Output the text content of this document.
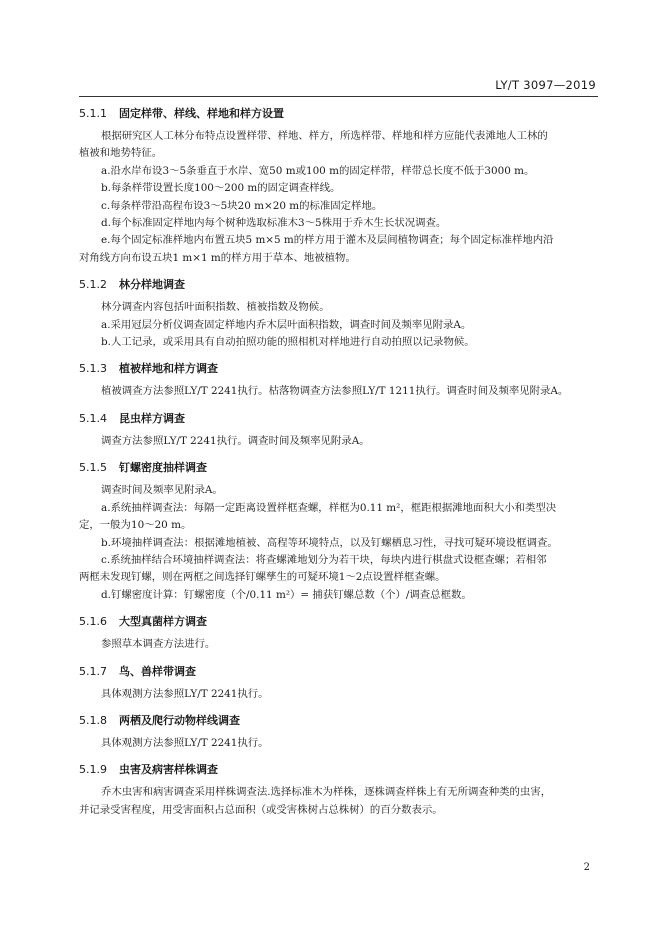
LY/T 3097—2019
5.1.1 固定样带、样线、样地和样方设置

根据研究区人工林分布特点设置样带、样地、样方，所选样带、样地和样方应能代表滩地人工林的

植被和地势特征。

a.沿水岸布设3～5条垂直于水岸、宽50 m或100 m的固定样带，样带总长度不低于3000 m。

b.每条样带设置长度100～200 m的固定调查样线。

c.每条样带沿高程布设3～5块20 m×20 m的标准固定样地。

d.每个标准固定样地内每个树种选取标准木3～5株用于乔木生长状况调查。

e.每个固定标准样地内布置五块5 m×5 m的样方用于灌木及层间植物调查；每个固定标准样地内沿

对角线方向布设五块1 m×1 m的样方用于草本、地被植物。

5.1.2 林分样地调查

林分调查内容包括叶面积指数、植被指数及物候。

a.采用冠层分析仪调查固定样地内乔木层叶面积指数，调查时间及频率见附录A。

b.人工记录，或采用具有自动拍照功能的照相机对样地进行自动拍照以记录物候。

5.1.3 植被样地和样方调查

植被调查方法参照LY/T 2241执行。枯落物调查方法参照LY/T 1211执行。调查时间及频率见附录A。

5.1.4 昆虫样方调查

调查方法参照LY/T 2241执行。调查时间及频率见附录A。

5.1.5 钉螺密度抽样调查

调查时间及频率见附录A。

a.系统抽样调查法：每隔一定距离设置样框查螺，样框为0.11 m²，框距根据滩地面积大小和类型决

定，一般为10～20 m。

b.环境抽样调查法：根据滩地植被、高程等环境特点，以及钉螺栖息习性，寻找可疑环境设框调查。

c.系统抽样结合环境抽样调查法：将查螺滩地划分为若干块，每块内进行棋盘式设框查螺；若相邻

两框未发现钉螺，则在两框之间选择钉螺孳生的可疑环境1～2点设置样框查螺。

d.钉螺密度计算：钉螺密度（个/0.11 m²）= 捕获钉螺总数（个）/调查总框数。

5.1.6 大型真菌样方调查

参照草本调查方法进行。

5.1.7 鸟、兽样带调查

具体观测方法参照LY/T 2241执行。

5.1.8 两栖及爬行动物样线调查

具体观测方法参照LY/T 2241执行。

5.1.9 虫害及病害样株调查

乔木虫害和病害调查采用样株调查法.选择标准木为样株，逐株调查样株上有无所调查种类的虫害，

并记录受害程度，用受害面积占总面积（或受害株树占总株树）的百分数表示。

2
